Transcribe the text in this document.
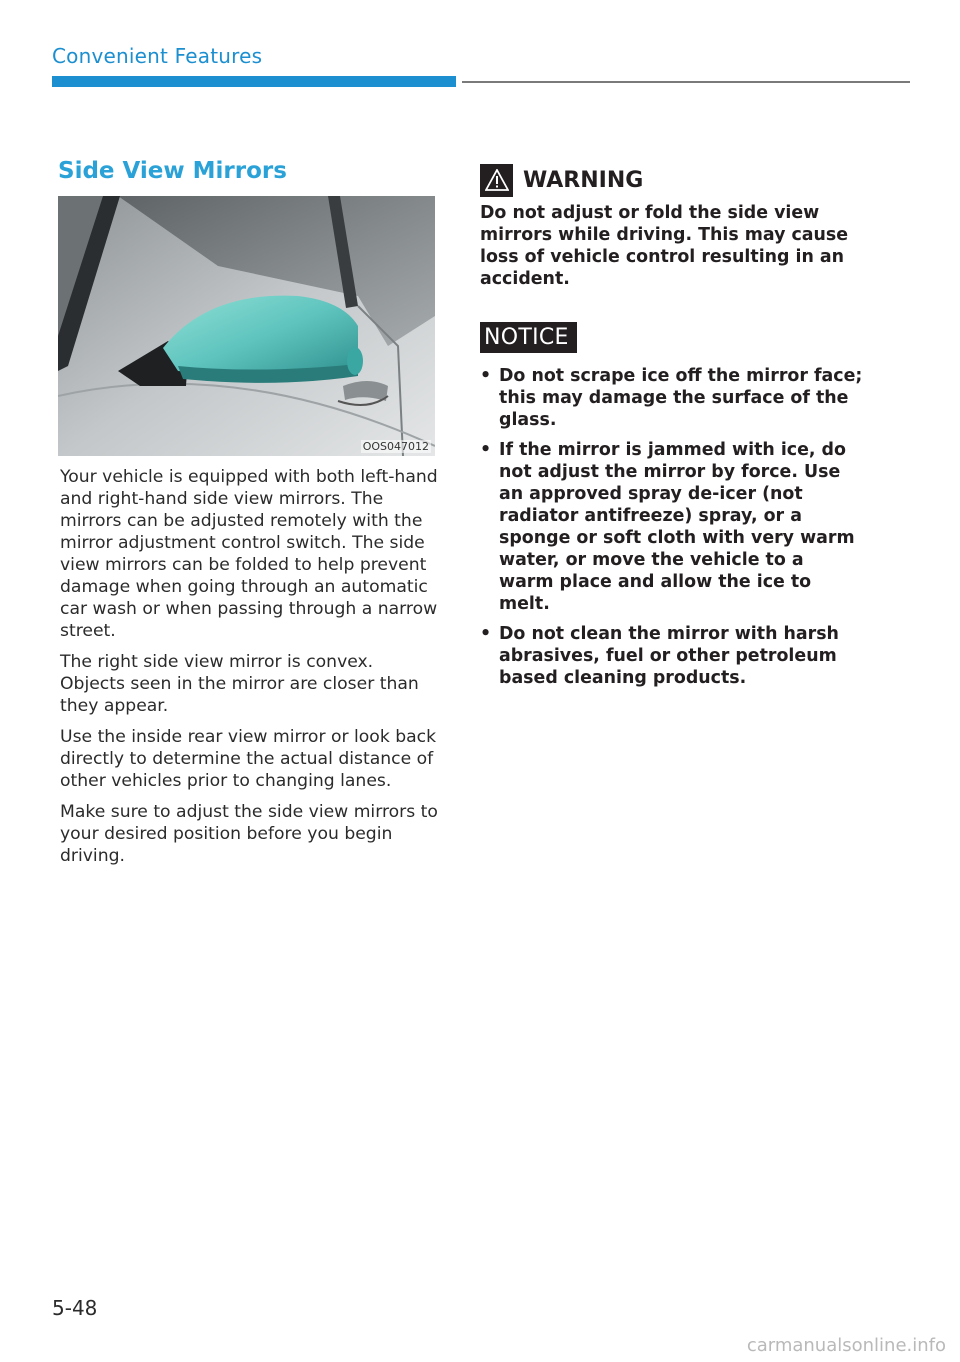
Convenient Features
Side View Mirrors
OOS047012

Your vehicle is equipped with both left-hand and right-hand side view mirrors. The mirrors can be adjusted remotely with the mirror adjustment control switch. The side view mirrors can be folded to help prevent damage when going through an automatic car wash or when passing through a narrow street.

The right side view mirror is convex. Objects seen in the mirror are closer than they appear.

Use the inside rear view mirror or look back directly to determine the actual distance of other vehicles prior to changing lanes.

Make sure to adjust the side view mirrors to your desired position before you begin driving.

WARNING
Do not adjust or fold the side view mirrors while driving. This may cause loss of vehicle control resulting in an accident.
NOTICE
• Do not scrape ice off the mirror face; this may damage the surface of the glass.
• If the mirror is jammed with ice, do not adjust the mirror by force. Use an approved spray de-icer (not radiator antifreeze) spray, or a sponge or soft cloth with very warm water, or move the vehicle to a warm place and allow the ice to melt.
• Do not clean the mirror with harsh abrasives, fuel or other petroleum based cleaning products.
5-48
carmanualsonline.info
